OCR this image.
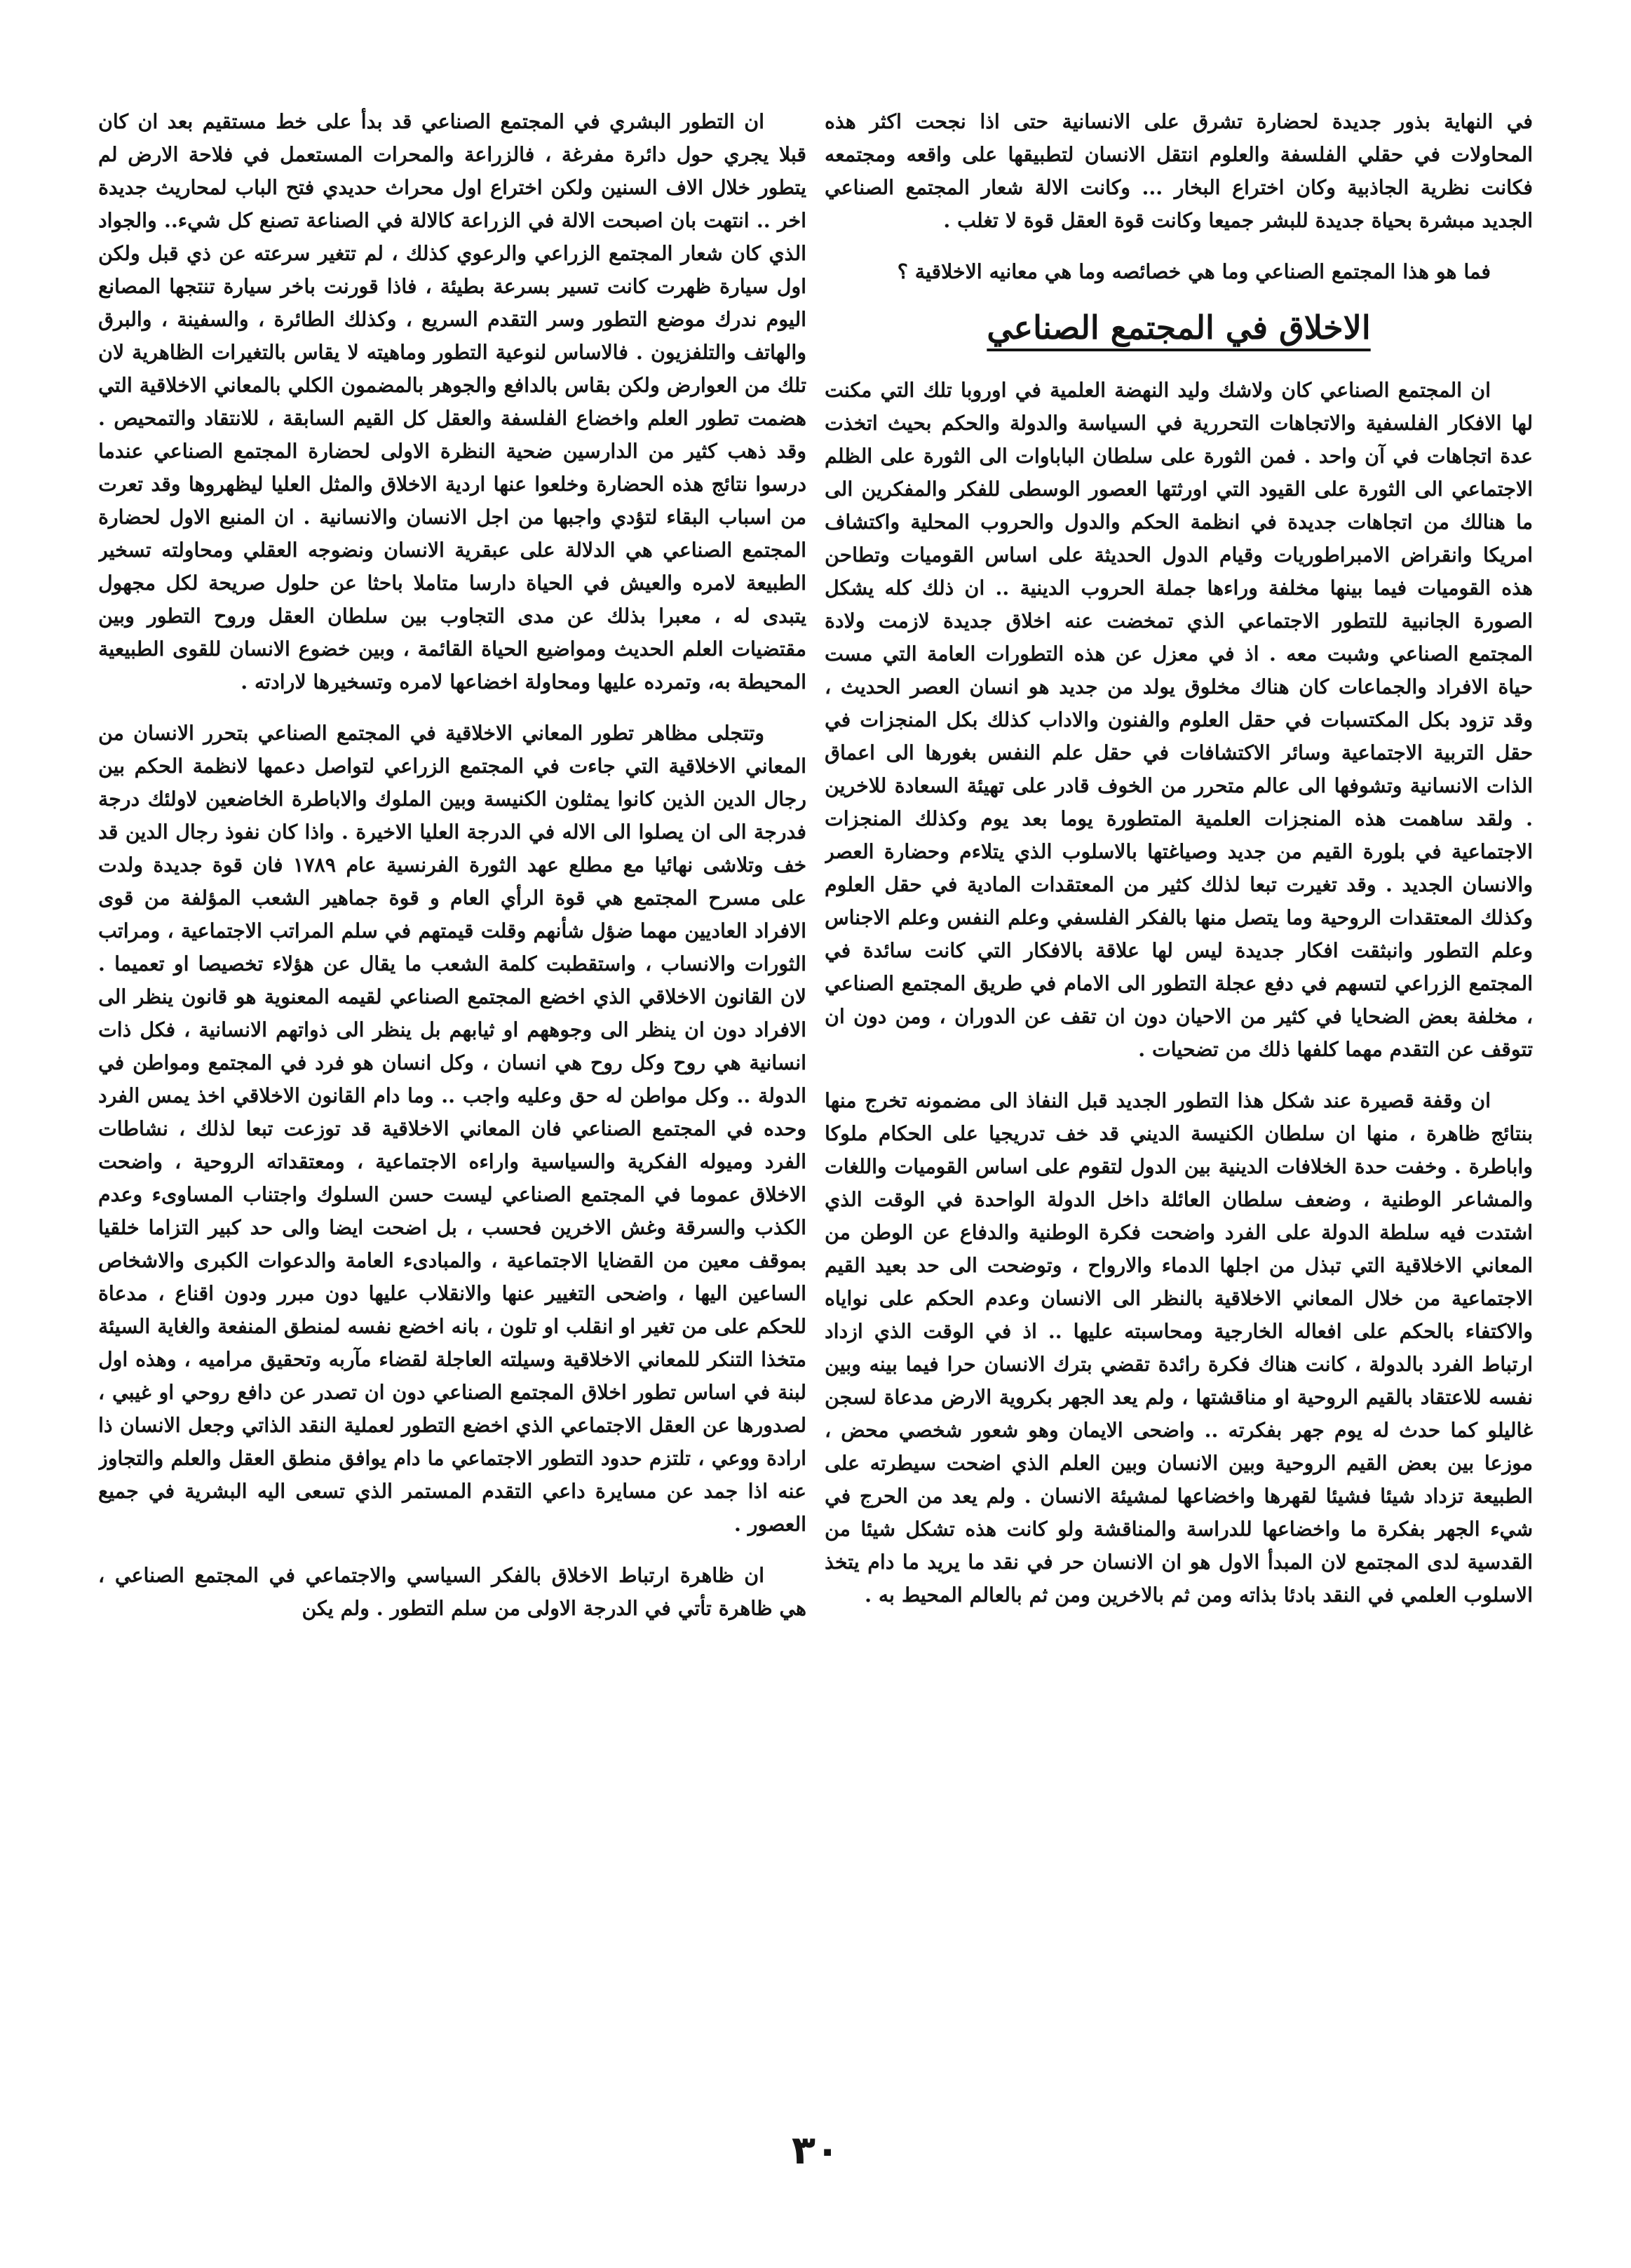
في النهاية بذور جديدة لحضارة تشرق على الانسانية حتى اذا نجحت اكثر هذه المحاولات في حقلي الفلسفة والعلوم انتقل الانسان لتطبيقها على واقعه ومجتمعه فكانت نظرية الجاذبية وكان اختراع البخار ... وكانت الالة شعار المجتمع الصناعي الجديد مبشرة بحياة جديدة للبشر جميعا وكانت قوة العقل قوة لا تغلب .

فما هو هذا المجتمع الصناعي وما هي خصائصه وما هي معانيه الاخلاقية ؟

الاخلاق في المجتمع الصناعي

ان المجتمع الصناعي كان ولاشك وليد النهضة العلمية في اوروبا تلك التي مكنت لها الافكار الفلسفية والاتجاهات التحررية في السياسة والدولة والحكم بحيث اتخذت عدة اتجاهات في آن واحد . فمن الثورة على سلطان الباباوات الى الثورة على الظلم الاجتماعي الى الثورة على القيود التي اورثتها العصور الوسطى للفكر والمفكرين الى ما هنالك من اتجاهات جديدة في انظمة الحكم والدول والحروب المحلية واكتشاف امريكا وانقراض الامبراطوريات وقيام الدول الحديثة على اساس القوميات وتطاحن هذه القوميات فيما بينها مخلفة وراءها جملة الحروب الدينية .. ان ذلك كله يشكل الصورة الجانبية للتطور الاجتماعي الذي تمخضت عنه اخلاق جديدة لازمت ولادة المجتمع الصناعي وشبت معه . اذ في معزل عن هذه التطورات العامة التي مست حياة الافراد والجماعات كان هناك مخلوق يولد من جديد هو انسان العصر الحديث ، وقد تزود بكل المكتسبات في حقل العلوم والفنون والاداب كذلك بكل المنجزات في حقل التربية الاجتماعية وسائر الاكتشافات في حقل علم النفس بغورها الى اعماق الذات الانسانية وتشوفها الى عالم متحرر من الخوف قادر على تهيئة السعادة للاخرين . ولقد ساهمت هذه المنجزات العلمية المتطورة يوما بعد يوم وكذلك المنجزات الاجتماعية في بلورة القيم من جديد وصياغتها بالاسلوب الذي يتلاءم وحضارة العصر والانسان الجديد . وقد تغيرت تبعا لذلك كثير من المعتقدات المادية في حقل العلوم وكذلك المعتقدات الروحية وما يتصل منها بالفكر الفلسفي وعلم النفس وعلم الاجناس وعلم التطور وانبثقت افكار جديدة ليس لها علاقة بالافكار التي كانت سائدة في المجتمع الزراعي لتسهم في دفع عجلة التطور الى الامام في طريق المجتمع الصناعي ، مخلفة بعض الضحايا في كثير من الاحيان دون ان تقف عن الدوران ، ومن دون ان تتوقف عن التقدم مهما كلفها ذلك من تضحيات .

ان وقفة قصيرة عند شكل هذا التطور الجديد قبل النفاذ الى مضمونه تخرج منها بنتائج ظاهرة ، منها ان سلطان الكنيسة الديني قد خف تدريجيا على الحكام ملوكا واباطرة . وخفت حدة الخلافات الدينية بين الدول لتقوم على اساس القوميات واللغات والمشاعر الوطنية ، وضعف سلطان العائلة داخل الدولة الواحدة في الوقت الذي اشتدت فيه سلطة الدولة على الفرد واضحت فكرة الوطنية والدفاع عن الوطن من المعاني الاخلاقية التي تبذل من اجلها الدماء والارواح ، وتوضحت الى حد بعيد القيم الاجتماعية من خلال المعاني الاخلاقية بالنظر الى الانسان وعدم الحكم على نواياه والاكتفاء بالحكم على افعاله الخارجية ومحاسبته عليها .. اذ في الوقت الذي ازداد ارتباط الفرد بالدولة ، كانت هناك فكرة رائدة تقضي بترك الانسان حرا فيما بينه وبين نفسه للاعتقاد بالقيم الروحية او مناقشتها ، ولم يعد الجهر بكروية الارض مدعاة لسجن غاليلو كما حدث له يوم جهر بفكرته .. واضحى الايمان وهو شعور شخصي محض ، موزعا بين بعض القيم الروحية وبين الانسان وبين العلم الذي اضحت سيطرته على الطبيعة تزداد شيئا فشيئا لقهرها واخضاعها لمشيئة الانسان . ولم يعد من الحرج في شيء الجهر بفكرة ما واخضاعها للدراسة والمناقشة ولو كانت هذه تشكل شيئا من القدسية لدى المجتمع لان المبدأ الاول هو ان الانسان حر في نقد ما يريد ما دام يتخذ الاسلوب العلمي في النقد بادئا بذاته ومن ثم بالاخرين ومن ثم بالعالم المحيط به .

ان التطور البشري في المجتمع الصناعي قد بدأ على خط مستقيم بعد ان كان قبلا يجري حول دائرة مفرغة ، فالزراعة والمحرات المستعمل في فلاحة الارض لم يتطور خلال الاف السنين ولكن اختراع اول محراث حديدي فتح الباب لمحاريث جديدة اخر .. انتهت بان اصبحت الالة في الزراعة كالالة في الصناعة تصنع كل شيء.. والجواد الذي كان شعار المجتمع الزراعي والرعوي كذلك ، لم تتغير سرعته عن ذي قبل ولكن اول سيارة ظهرت كانت تسير بسرعة بطيئة ، فاذا قورنت باخر سيارة تنتجها المصانع اليوم ندرك موضع التطور وسر التقدم السريع ، وكذلك الطائرة ، والسفينة ، والبرق والهاتف والتلفزيون . فالاساس لنوعية التطور وماهيته لا يقاس بالتغيرات الظاهرية لان تلك من العوارض ولكن بقاس بالدافع والجوهر بالمضمون الكلي بالمعاني الاخلاقية التي هضمت تطور العلم واخضاع الفلسفة والعقل كل القيم السابقة ، للانتقاد والتمحيص . وقد ذهب كثير من الدارسين ضحية النظرة الاولى لحضارة المجتمع الصناعي عندما درسوا نتائج هذه الحضارة وخلعوا عنها اردية الاخلاق والمثل العليا ليظهروها وقد تعرت من اسباب البقاء لتؤدي واجبها من اجل الانسان والانسانية . ان المنبع الاول لحضارة المجتمع الصناعي هي الدلالة على عبقرية الانسان ونضوجه العقلي ومحاولته تسخير الطبيعة لامره والعيش في الحياة دارسا متاملا باحثا عن حلول صريحة لكل مجهول يتبدى له ، معبرا بذلك عن مدى التجاوب بين سلطان العقل وروح التطور وبين مقتضيات العلم الحديث ومواضيع الحياة القائمة ، وبين خضوع الانسان للقوى الطبيعية المحيطة به، وتمرده عليها ومحاولة اخضاعها لامره وتسخيرها لارادته .

وتتجلى مظاهر تطور المعاني الاخلاقية في المجتمع الصناعي بتحرر الانسان من المعاني الاخلاقية التي جاءت في المجتمع الزراعي لتواصل دعمها لانظمة الحكم بين رجال الدين الذين كانوا يمثلون الكنيسة وبين الملوك والاباطرة الخاضعين لاولئك درجة فدرجة الى ان يصلوا الى الاله في الدرجة العليا الاخيرة . واذا كان نفوذ رجال الدين قد خف وتلاشى نهائيا مع مطلع عهد الثورة الفرنسية عام ١٧٨٩ فان قوة جديدة ولدت على مسرح المجتمع هي قوة الرأي العام و قوة جماهير الشعب المؤلفة من قوى الافراد العاديين مهما ضؤل شأنهم وقلت قيمتهم في سلم المراتب الاجتماعية ، ومراتب الثورات والانساب ، واستقطبت كلمة الشعب ما يقال عن هؤلاء تخصيصا او تعميما . لان القانون الاخلاقي الذي اخضع المجتمع الصناعي لقيمه المعنوية هو قانون ينظر الى الافراد دون ان ينظر الى وجوههم او ثيابهم بل ينظر الى ذواتهم الانسانية ، فكل ذات انسانية هي روح وكل روح هي انسان ، وكل انسان هو فرد في المجتمع ومواطن في الدولة .. وكل مواطن له حق وعليه واجب .. وما دام القانون الاخلاقي اخذ يمس الفرد وحده في المجتمع الصناعي فان المعاني الاخلاقية قد توزعت تبعا لذلك ، نشاطات الفرد وميوله الفكرية والسياسية واراءه الاجتماعية ، ومعتقداته الروحية ، واضحت الاخلاق عموما في المجتمع الصناعي ليست حسن السلوك واجتناب المساوىء وعدم الكذب والسرقة وغش الاخرين فحسب ، بل اضحت ايضا والى حد كبير التزاما خلقيا بموقف معين من القضايا الاجتماعية ، والمبادىء العامة والدعوات الكبرى والاشخاص الساعين اليها ، واضحى التغيير عنها والانقلاب عليها دون مبرر ودون اقناع ، مدعاة للحكم على من تغير او انقلب او تلون ، بانه اخضع نفسه لمنطق المنفعة والغاية السيئة متخذا التنكر للمعاني الاخلاقية وسيلته العاجلة لقضاء مآربه وتحقيق مراميه ، وهذه اول لبنة في اساس تطور اخلاق المجتمع الصناعي دون ان تصدر عن دافع روحي او غيبي ، لصدورها عن العقل الاجتماعي الذي اخضع التطور لعملية النقد الذاتي وجعل الانسان ذا ارادة ووعي ، تلتزم حدود التطور الاجتماعي ما دام يوافق منطق العقل والعلم والتجاوز عنه اذا جمد عن مسايرة داعي التقدم المستمر الذي تسعى اليه البشرية في جميع العصور .

ان ظاهرة ارتباط الاخلاق بالفكر السياسي والاجتماعي في المجتمع الصناعي ، هي ظاهرة تأتي في الدرجة الاولى من سلم التطور . ولم يكن

٣٠
